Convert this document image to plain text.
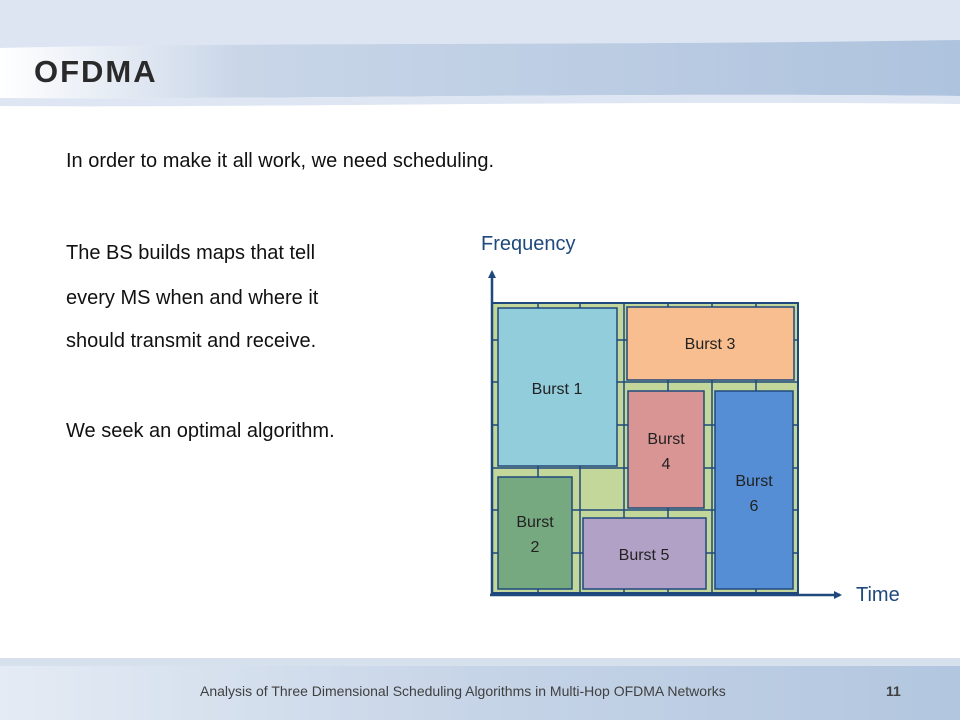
OFDMA
In order to make it all work, we need scheduling.
The BS builds maps that tell
every MS when and where it
should transmit and receive.
We seek an optimal algorithm.
Burst 1
Burst
2
Burst 3
Burst
4
Burst 5
Burst
6
Frequency
Time
Analysis of Three Dimensional Scheduling Algorithms in Multi-Hop OFDMA Networks	11
